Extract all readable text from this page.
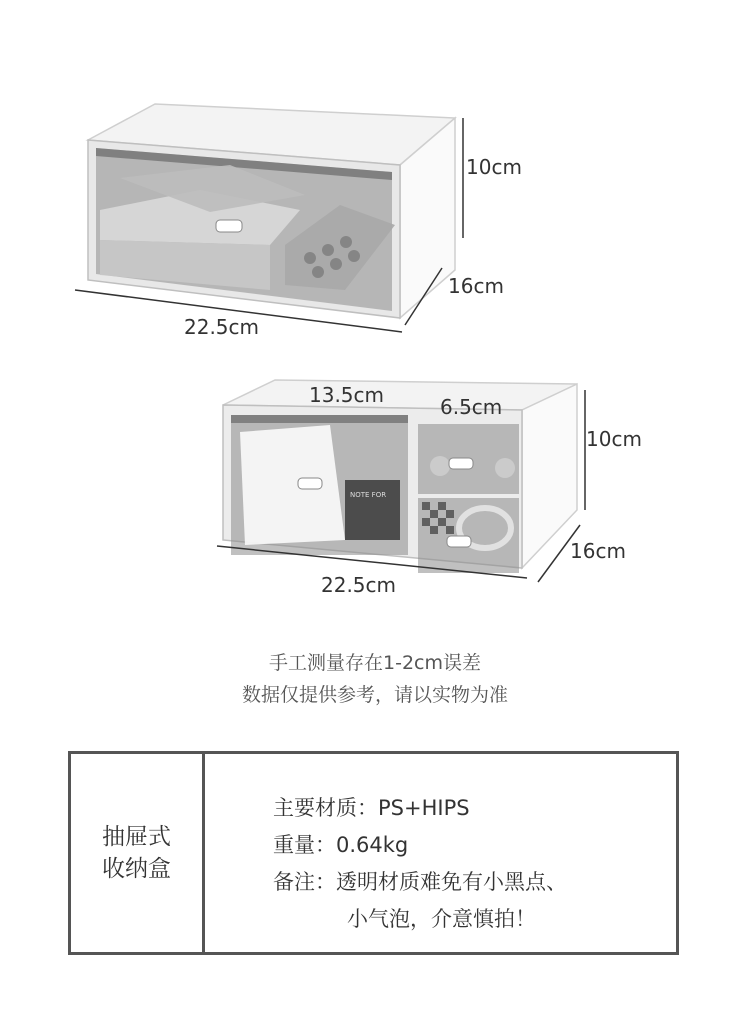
10cm
16cm
22.5cm
NOTE FOR
13.5cm	6.5cm
10cm
16cm
22.5cm
手工测量存在1-2cm误差
数据仅提供参考，请以实物为准
抽屉式
收纳盒
主要材质：PS+HIPS
重量：0.64kg
备注：透明材质难免有小黑点、
小气泡，介意慎拍！
